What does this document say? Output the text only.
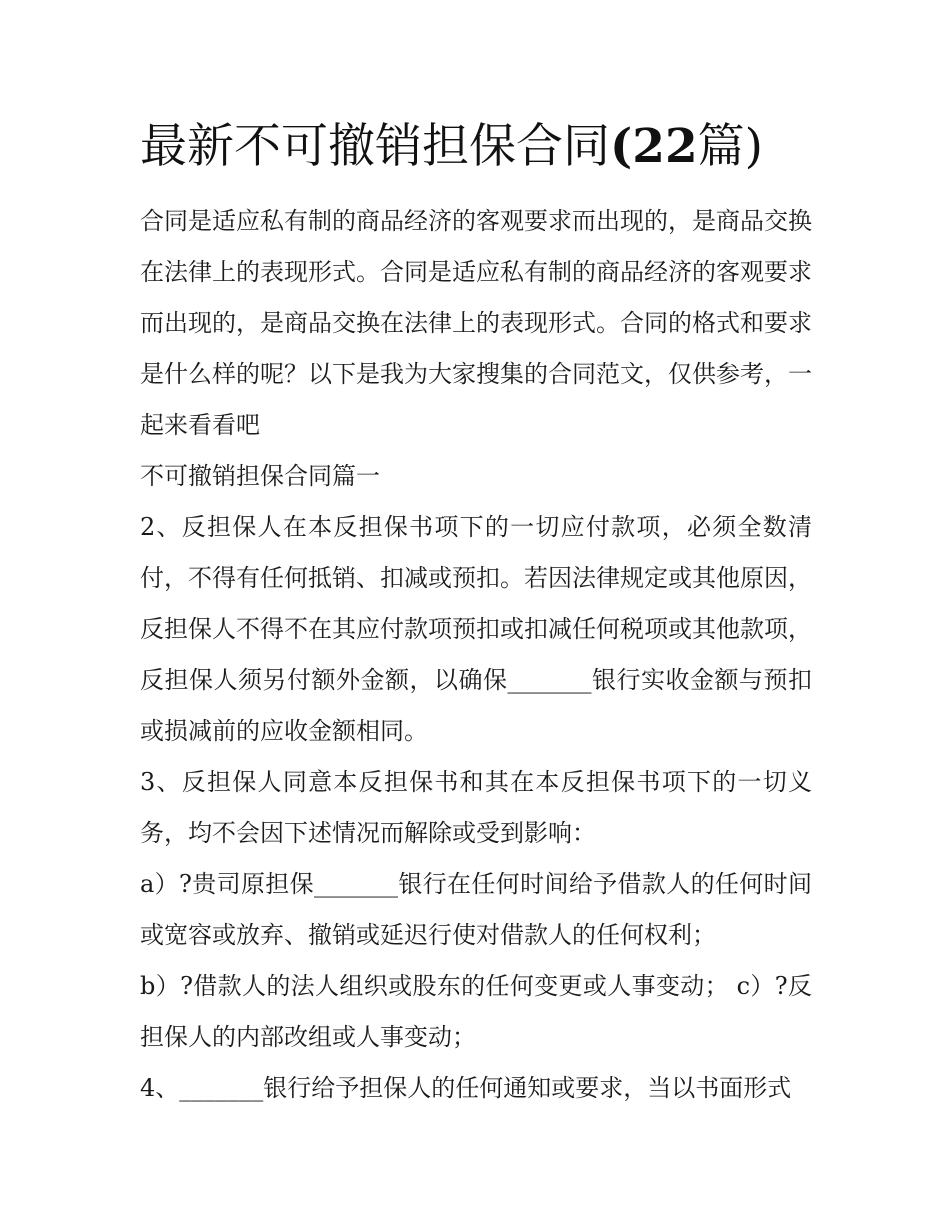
最新不可撤销担保合同(22篇)

合同是适应私有制的商品经济的客观要求而出现的，是商品交换在法律上的表现形式。合同是适应私有制的商品经济的客观要求而出现的，是商品交换在法律上的表现形式。合同的格式和要求是什么样的呢？以下是我为大家搜集的合同范文，仅供参考，一起来看看吧

不可撤销担保合同篇一

2、反担保人在本反担保书项下的一切应付款项，必须全数清付，不得有任何抵销、扣减或预扣。若因法律规定或其他原因，反担保人不得不在其应付款项预扣或扣减任何税项或其他款项，反担保人须另付额外金额，以确保_______银行实收金额与预扣或损减前的应收金额相同。

3、反担保人同意本反担保书和其在本反担保书项下的一切义务，均不会因下述情况而解除或受到影响：

a）?贵司原担保_______银行在任何时间给予借款人的任何时间或宽容或放弃、撤销或延迟行使对借款人的任何权利；

b）?借款人的法人组织或股东的任何变更或人事变动； c）?反担保人的内部改组或人事变动；

4、_______银行给予担保人的任何通知或要求，当以书面形式
